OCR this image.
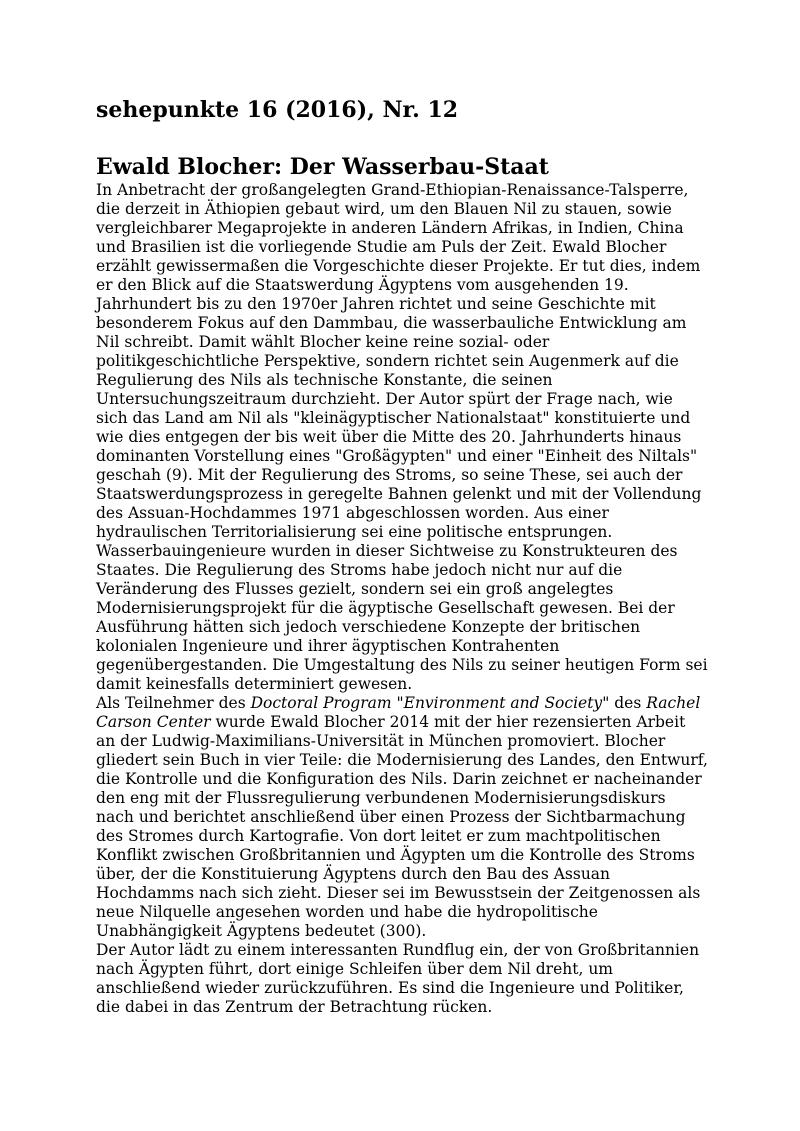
sehepunkte 16 (2016), Nr. 12
Ewald Blocher: Der Wasserbau-Staat

In Anbetracht der großangelegten Grand-Ethiopian-Renaissance-Talsperre, die derzeit in Äthiopien gebaut wird, um den Blauen Nil zu stauen, sowie vergleichbarer Megaprojekte in anderen Ländern Afrikas, in Indien, China und Brasilien ist die vorliegende Studie am Puls der Zeit. Ewald Blocher erzählt gewissermaßen die Vorgeschichte dieser Projekte. Er tut dies, indem er den Blick auf die Staatswerdung Ägyptens vom ausgehenden 19. Jahrhundert bis zu den 1970er Jahren richtet und seine Geschichte mit besonderem Fokus auf den Dammbau, die wasserbauliche Entwicklung am Nil schreibt. Damit wählt Blocher keine reine sozial- oder politikgeschichtliche Perspektive, sondern richtet sein Augenmerk auf die Regulierung des Nils als technische Konstante, die seinen Untersuchungszeitraum durchzieht. Der Autor spürt der Frage nach, wie sich das Land am Nil als "kleinägyptischer Nationalstaat" konstituierte und wie dies entgegen der bis weit über die Mitte des 20. Jahrhunderts hinaus dominanten Vorstellung eines "Großägypten" und einer "Einheit des Niltals" geschah (9). Mit der Regulierung des Stroms, so seine These, sei auch der Staatswerdungsprozess in geregelte Bahnen gelenkt und mit der Vollendung des Assuan-Hochdammes 1971 abgeschlossen worden. Aus einer hydraulischen Territorialisierung sei eine politische entsprungen. Wasserbauingenieure wurden in dieser Sichtweise zu Konstrukteuren des Staates. Die Regulierung des Stroms habe jedoch nicht nur auf die Veränderung des Flusses gezielt, sondern sei ein groß angelegtes Modernisierungsprojekt für die ägyptische Gesellschaft gewesen. Bei der Ausführung hätten sich jedoch verschiedene Konzepte der britischen kolonialen Ingenieure und ihrer ägyptischen Kontrahenten gegenübergestanden. Die Umgestaltung des Nils zu seiner heutigen Form sei damit keinesfalls determiniert gewesen.

Als Teilnehmer des Doctoral Program "Environment and Society" des Rachel Carson Center wurde Ewald Blocher 2014 mit der hier rezensierten Arbeit an der Ludwig-Maximilians-Universität in München promoviert. Blocher gliedert sein Buch in vier Teile: die Modernisierung des Landes, den Entwurf, die Kontrolle und die Konfiguration des Nils. Darin zeichnet er nacheinander den eng mit der Flussregulierung verbundenen Modernisierungsdiskurs nach und berichtet anschließend über einen Prozess der Sichtbarmachung des Stromes durch Kartografie. Von dort leitet er zum machtpolitischen Konflikt zwischen Großbritannien und Ägypten um die Kontrolle des Stroms über, der die Konstituierung Ägyptens durch den Bau des Assuan Hochdamms nach sich zieht. Dieser sei im Bewusstsein der Zeitgenossen als neue Nilquelle angesehen worden und habe die hydropolitische Unabhängigkeit Ägyptens bedeutet (300).

Der Autor lädt zu einem interessanten Rundflug ein, der von Großbritannien nach Ägypten führt, dort einige Schleifen über dem Nil dreht, um anschließend wieder zurückzuführen. Es sind die Ingenieure und Politiker, die dabei in das Zentrum der Betrachtung rücken.
